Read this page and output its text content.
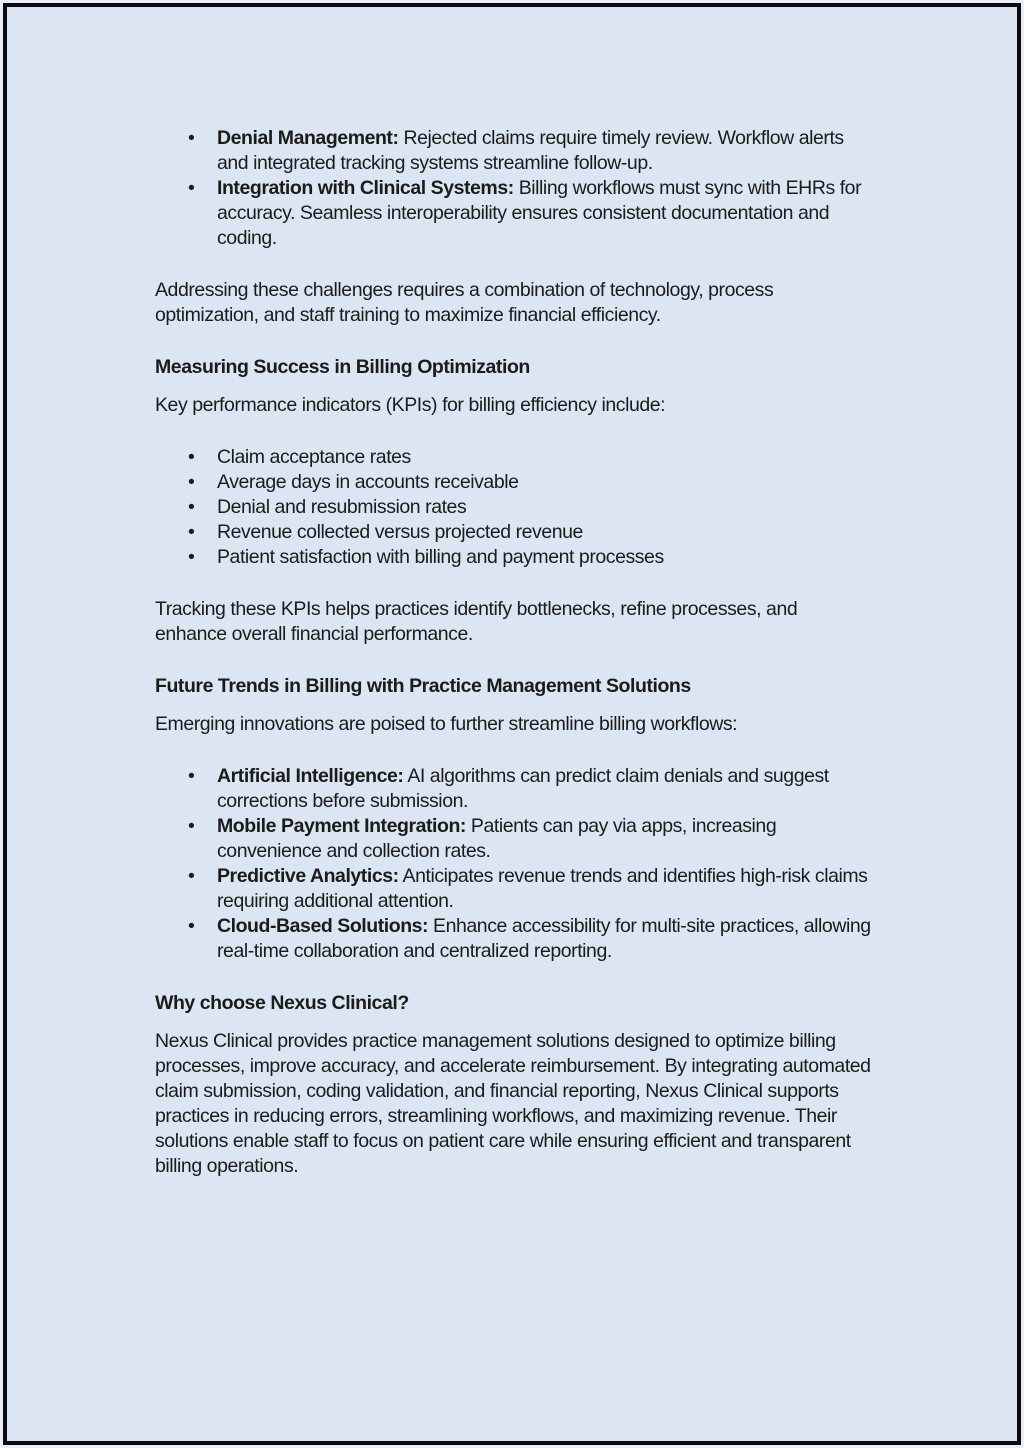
• Denial Management: Rejected claims require timely review. Workflow alerts and integrated tracking systems streamline follow-up.
• Integration with Clinical Systems: Billing workflows must sync with EHRs for accuracy. Seamless interoperability ensures consistent documentation and coding.

Addressing these challenges requires a combination of technology, process optimization, and staff training to maximize financial efficiency.

Measuring Success in Billing Optimization

Key performance indicators (KPIs) for billing efficiency include:

• Claim acceptance rates
• Average days in accounts receivable
• Denial and resubmission rates
• Revenue collected versus projected revenue
• Patient satisfaction with billing and payment processes

Tracking these KPIs helps practices identify bottlenecks, refine processes, and enhance overall financial performance.

Future Trends in Billing with Practice Management Solutions

Emerging innovations are poised to further streamline billing workflows:

• Artificial Intelligence: AI algorithms can predict claim denials and suggest corrections before submission.
• Mobile Payment Integration: Patients can pay via apps, increasing convenience and collection rates.
• Predictive Analytics: Anticipates revenue trends and identifies high-risk claims requiring additional attention.
• Cloud-Based Solutions: Enhance accessibility for multi-site practices, allowing real-time collaboration and centralized reporting.
Why choose Nexus Clinical?

Nexus Clinical provides practice management solutions designed to optimize billing processes, improve accuracy, and accelerate reimbursement. By integrating automated claim submission, coding validation, and financial reporting, Nexus Clinical supports practices in reducing errors, streamlining workflows, and maximizing revenue. Their solutions enable staff to focus on patient care while ensuring efficient and transparent billing operations.
